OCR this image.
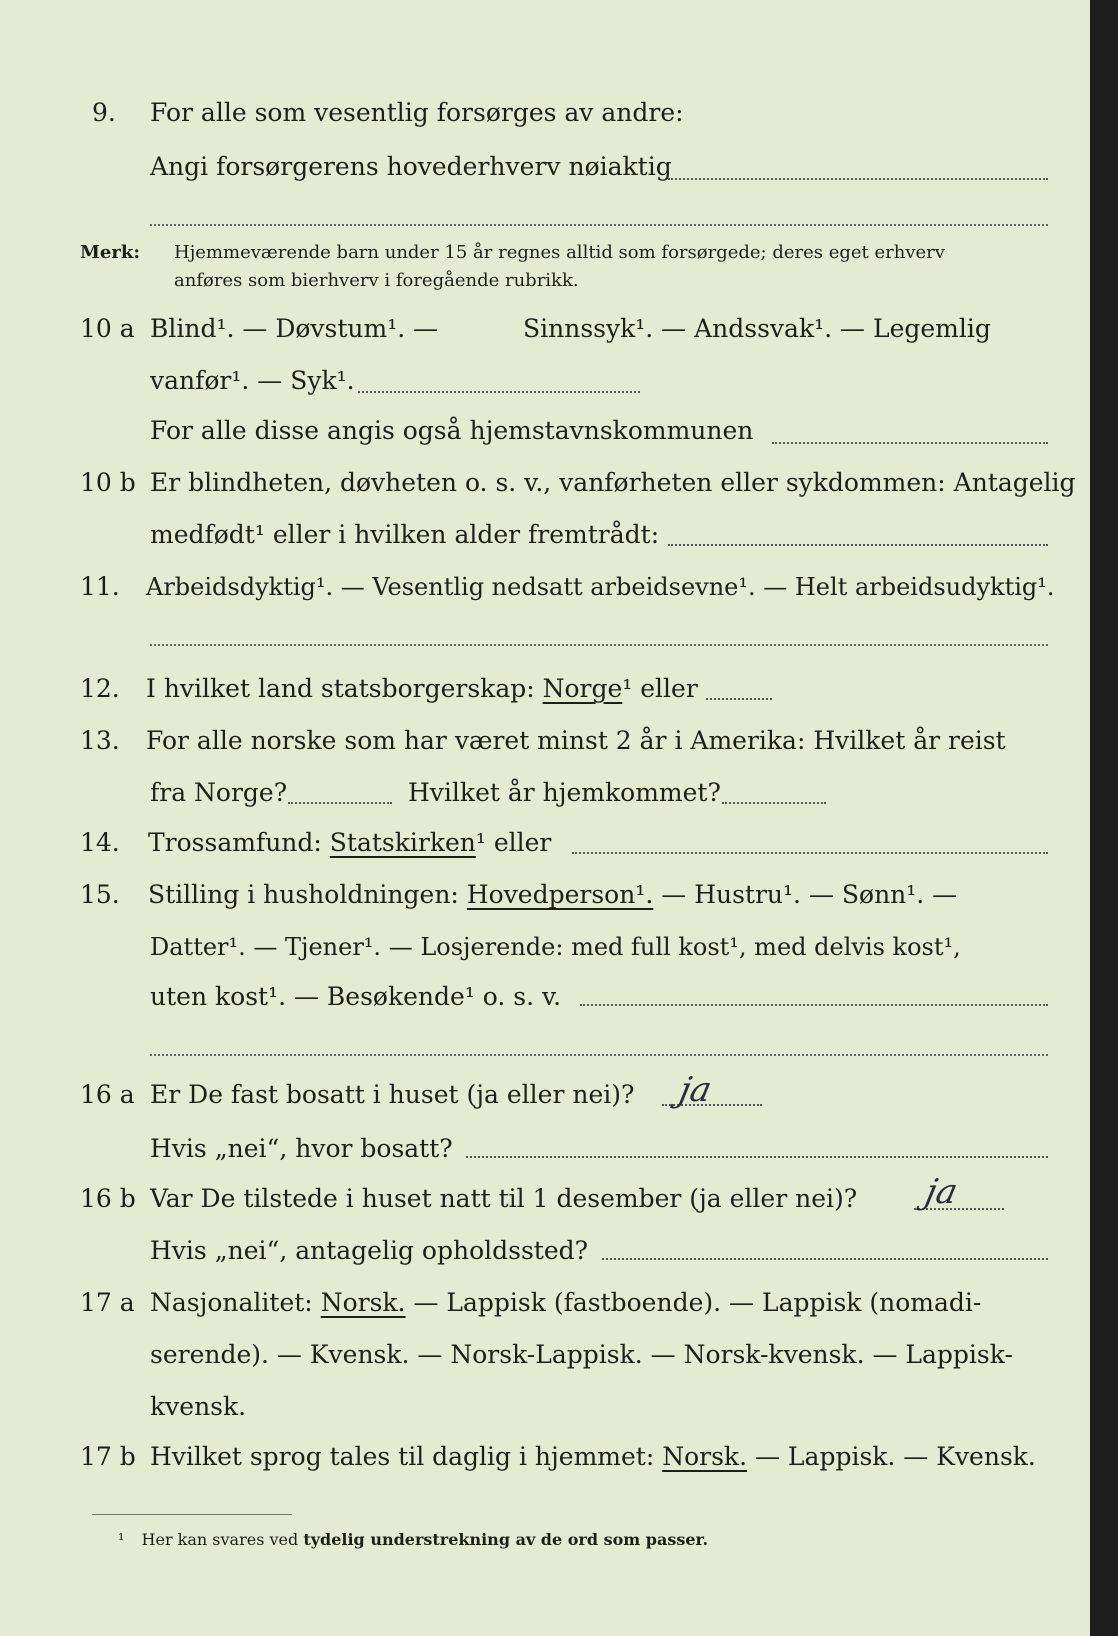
9. For alle som vesentlig forsørges av andre:
Angi forsørgerens hovederhverv nøiaktig
Merk: Hjemmeværende barn under 15 år regnes alltid som forsørgede; deres eget erhverv
anføres som bierhverv i foregående rubrikk.
10 a Blind¹. — Døvstum¹. —	Sinnssyk¹. — Andssvak¹. — Legemlig
vanfør¹. — Syk¹.
For alle disse angis også hjemstavnskommunen
10 b Er blindheten, døvheten o. s. v., vanførheten eller sykdommen: Antagelig
medfødt¹ eller i hvilken alder fremtrådt:
11. Arbeidsdyktig¹. — Vesentlig nedsatt arbeidsevne¹. — Helt arbeidsudyktig¹.
12. I hvilket land statsborgerskap: Norge¹ eller
13. For alle norske som har været minst 2 år i Amerika: Hvilket år reist
fra Norge?	Hvilket år hjemkommet?
14. Trossamfund: Statskirken¹ eller
15. Stilling i husholdningen: Hovedperson¹. — Hustru¹. — Sønn¹. —
Datter¹. — Tjener¹. — Losjerende: med full kost¹, med delvis kost¹,
uten kost¹. — Besøkende¹ o. s. v.
16 a Er De fast bosatt i huset (ja eller nei)? ja
Hvis „nei“, hvor bosatt?
16 b Var De tilstede i huset natt til 1 desember (ja eller nei)? ja
Hvis „nei“, antagelig opholdssted?
17 a Nasjonalitet: Norsk. — Lappisk (fastboende). — Lappisk (nomadi-
serende). — Kvensk. — Norsk-Lappisk. — Norsk-kvensk. — Lappisk-
kvensk.
17 b Hvilket sprog tales til daglig i hjemmet: Norsk. — Lappisk. — Kvensk.
¹ Her kan svares ved tydelig understrekning av de ord som passer.
